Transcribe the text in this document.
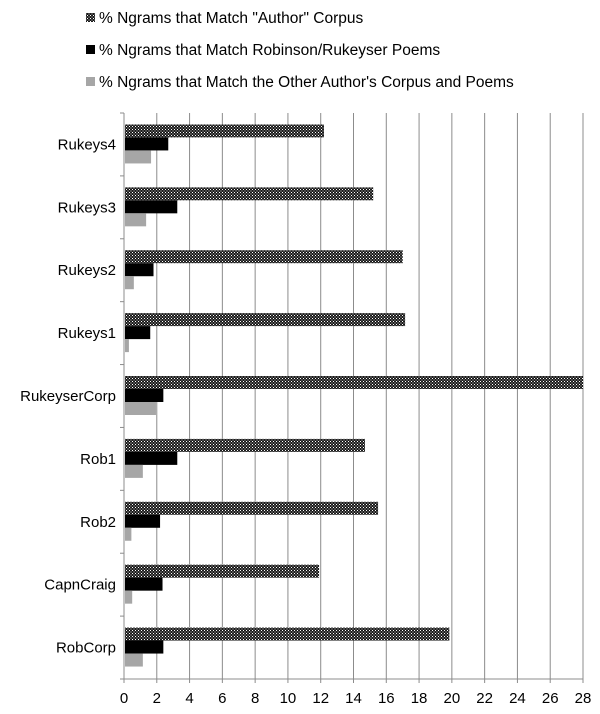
% Ngrams that Match "Author" Corpus
% Ngrams that Match Robinson/Rukeyser Poems
% Ngrams that Match the Other Author's Corpus and Poems
0 2 4 6 8 10 12 14 16 18 20 22 24 26 28
Rukeys4
Rukeys3
Rukeys2
Rukeys1
RukeyserCorp
Rob1
Rob2
CapnCraig
RobCorp
